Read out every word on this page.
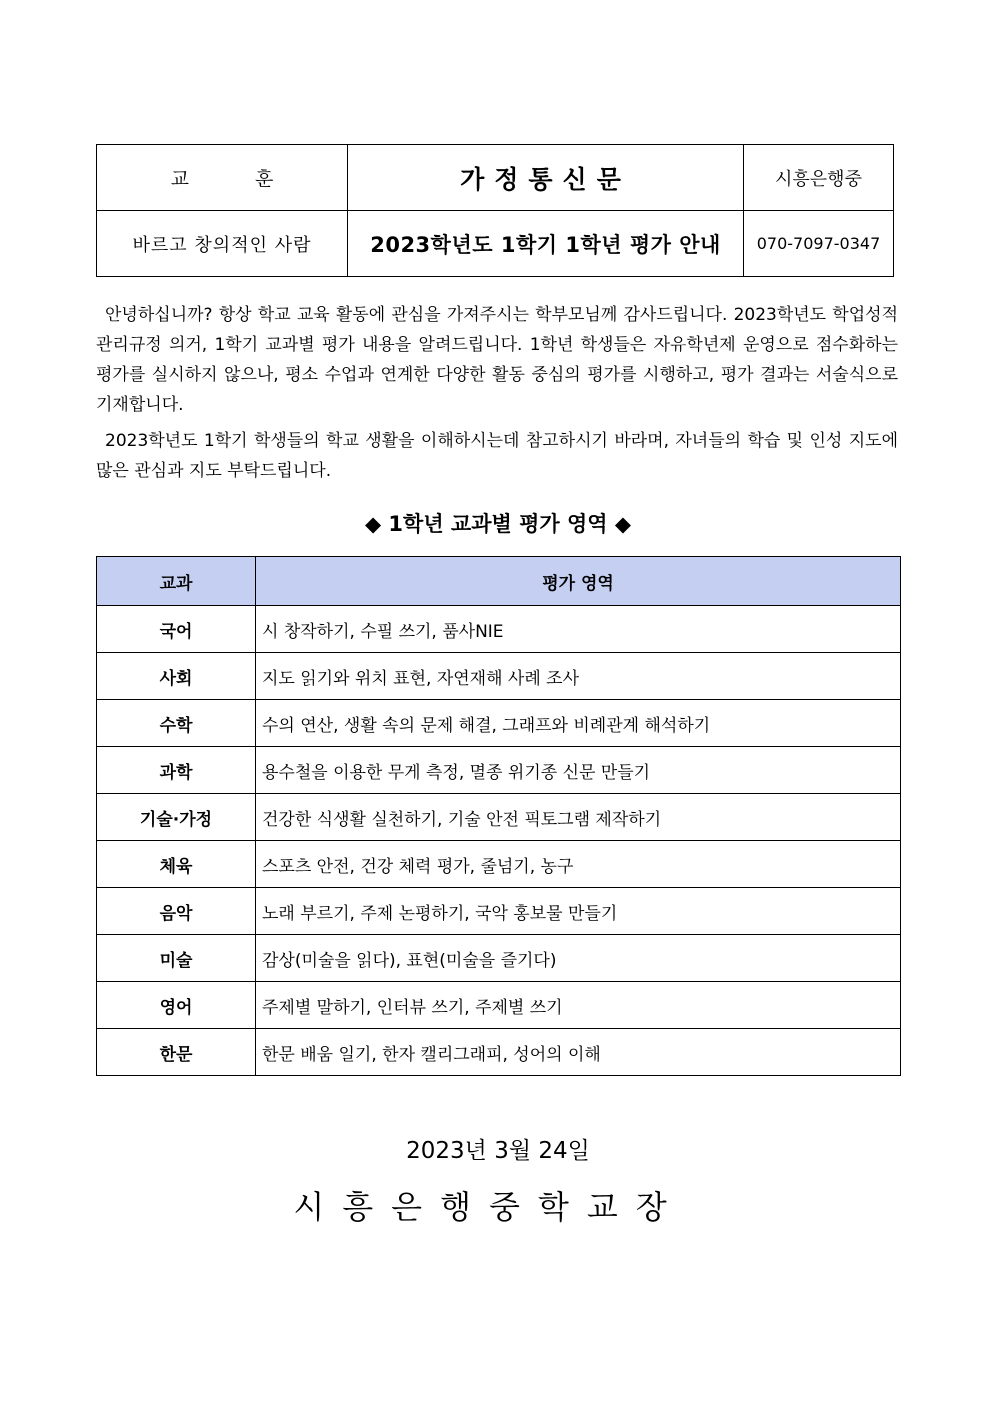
교 훈	가정통신문	시흥은행중
바르고 창의적인 사람	2023학년도 1학기 1학년 평가 안내	070-7097-0347

안녕하십니까? 항상 학교 교육 활동에 관심을 가져주시는 학부모님께 감사드립니다. 2023학년도 학업성적관리규정 의거, 1학기 교과별 평가 내용을 알려드립니다. 1학년 학생들은 자유학년제 운영으로 점수화하는 평가를 실시하지 않으나, 평소 수업과 연계한 다양한 활동 중심의 평가를 시행하고, 평가 결과는 서술식으로 기재합니다.

2023학년도 1학기 학생들의 학교 생활을 이해하시는데 참고하시기 바라며, 자녀들의 학습 및 인성 지도에 많은 관심과 지도 부탁드립니다.

◆ 1학년 교과별 평가 영역 ◆
교과	평가 영역
국어	시 창작하기, 수필 쓰기, 품사NIE
사회	지도 읽기와 위치 표현, 자연재해 사례 조사
수학	수의 연산, 생활 속의 문제 해결, 그래프와 비례관계 해석하기
과학	용수철을 이용한 무게 측정, 멸종 위기종 신문 만들기
기술·가정	건강한 식생활 실천하기, 기술 안전 픽토그램 제작하기
체육	스포츠 안전, 건강 체력 평가, 줄넘기, 농구
음악	노래 부르기, 주제 논평하기, 국악 홍보물 만들기
미술	감상(미술을 읽다), 표현(미술을 즐기다)
영어	주제별 말하기, 인터뷰 쓰기, 주제별 쓰기
한문	한문 배움 일기, 한자 캘리그래피, 성어의 이해
2023년 3월 24일
시흥은행중학교장
